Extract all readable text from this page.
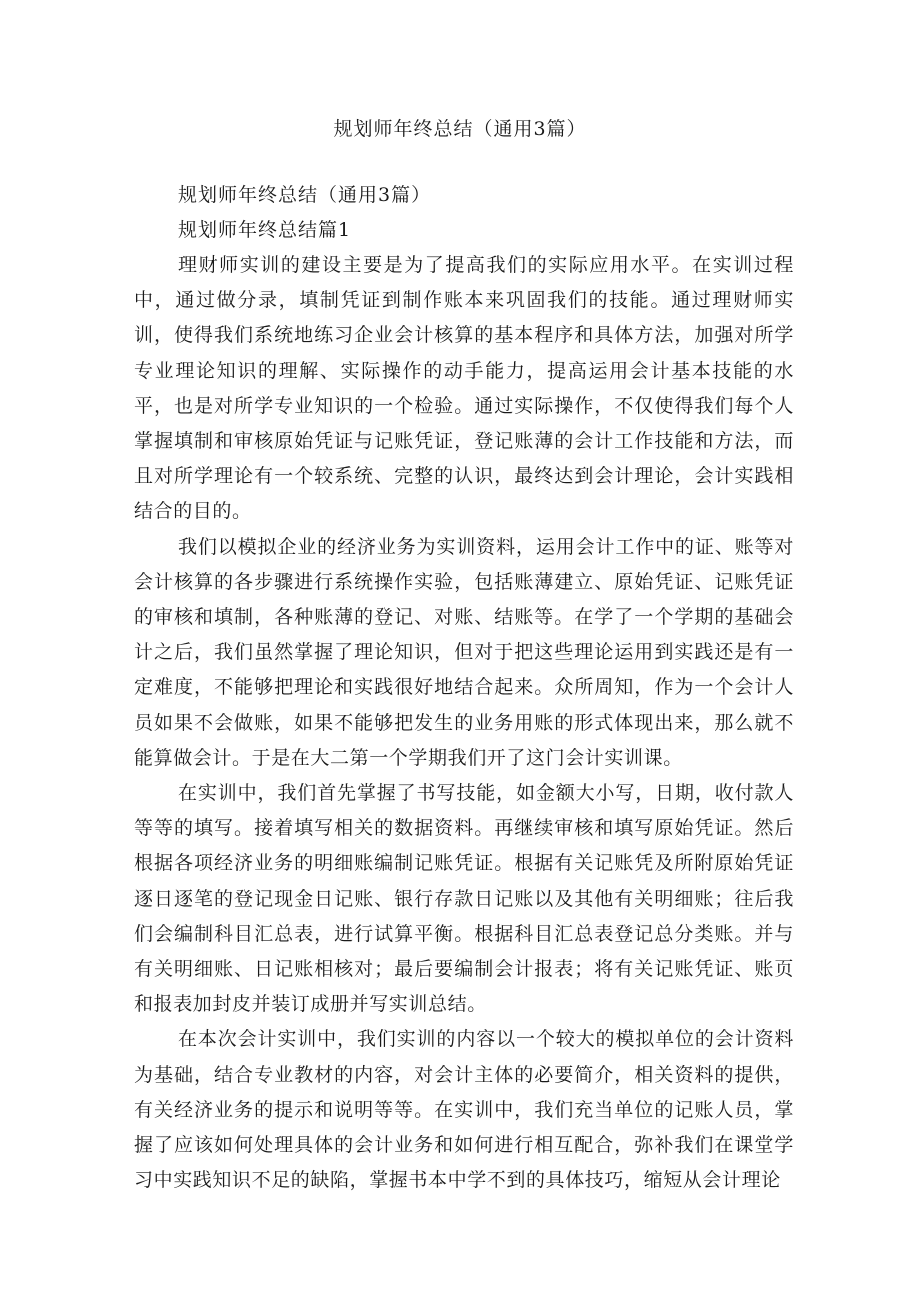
规划师年终总结（通用3篇）

规划师年终总结（通用3篇）

规划师年终总结篇1

理财师实训的建设主要是为了提高我们的实际应用水平。在实训过程中，通过做分录，填制凭证到制作账本来巩固我们的技能。通过理财师实训，使得我们系统地练习企业会计核算的基本程序和具体方法，加强对所学专业理论知识的理解、实际操作的动手能力，提高运用会计基本技能的水平，也是对所学专业知识的一个检验。通过实际操作，不仅使得我们每个人掌握填制和审核原始凭证与记账凭证，登记账薄的会计工作技能和方法，而且对所学理论有一个较系统、完整的认识，最终达到会计理论，会计实践相结合的目的。

我们以模拟企业的经济业务为实训资料，运用会计工作中的证、账等对会计核算的各步骤进行系统操作实验，包括账薄建立、原始凭证、记账凭证的审核和填制，各种账薄的登记、对账、结账等。在学了一个学期的基础会计之后，我们虽然掌握了理论知识，但对于把这些理论运用到实践还是有一定难度，不能够把理论和实践很好地结合起来。众所周知，作为一个会计人员如果不会做账，如果不能够把发生的业务用账的形式体现出来，那么就不能算做会计。于是在大二第一个学期我们开了这门会计实训课。

在实训中，我们首先掌握了书写技能，如金额大小写，日期，收付款人等等的填写。接着填写相关的数据资料。再继续审核和填写原始凭证。然后根据各项经济业务的明细账编制记账凭证。根据有关记账凭及所附原始凭证逐日逐笔的登记现金日记账、银行存款日记账以及其他有关明细账；往后我们会编制科目汇总表，进行试算平衡。根据科目汇总表登记总分类账。并与有关明细账、日记账相核对；最后要编制会计报表；将有关记账凭证、账页和报表加封皮并装订成册并写实训总结。

在本次会计实训中，我们实训的内容以一个较大的模拟单位的会计资料为基础，结合专业教材的内容，对会计主体的必要简介，相关资料的提供，有关经济业务的提示和说明等等。在实训中，我们充当单位的记账人员，掌握了应该如何处理具体的会计业务和如何进行相互配合，弥补我们在课堂学习中实践知识不足的缺陷，掌握书本中学不到的具体技巧，缩短从会计理论
